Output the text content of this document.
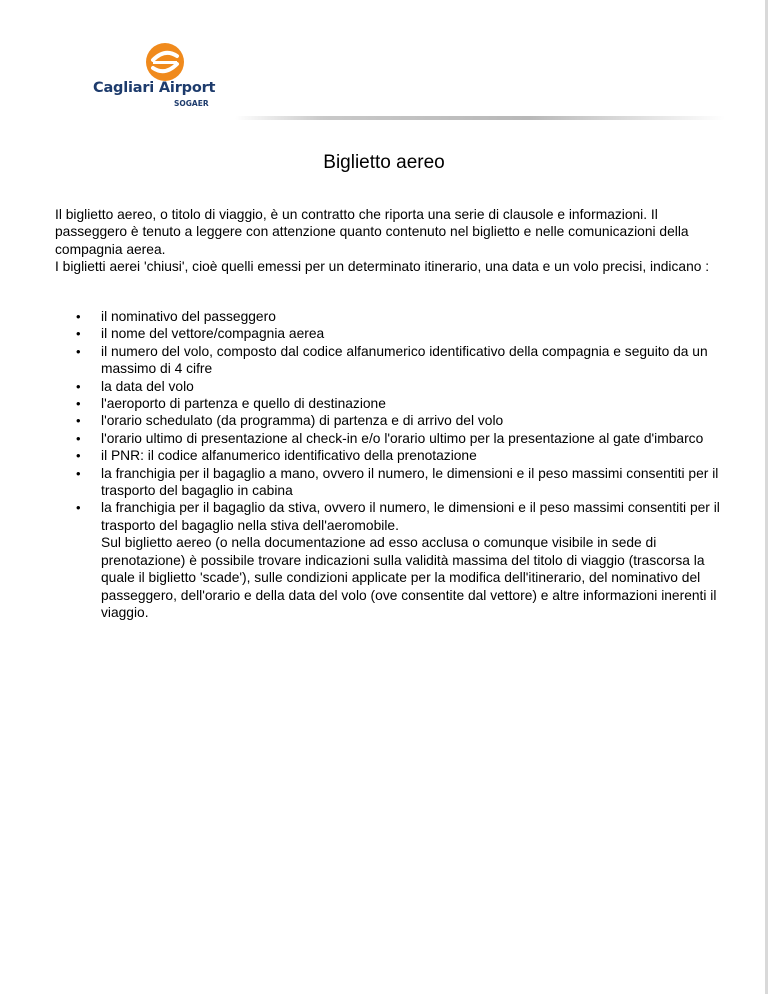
Cagliari Airport
SOGAER
Biglietto aereo

Il biglietto aereo, o titolo di viaggio, è un contratto che riporta una serie di clausole e informazioni. Il passeggero è tenuto a leggere con attenzione quanto contenuto nel biglietto e nelle comunicazioni della compagnia aerea.

I biglietti aerei 'chiusi', cioè quelli emessi per un determinato itinerario, una data e un volo precisi, indicano :

• il nominativo del passeggero
• il nome del vettore/compagnia aerea
• il numero del volo, composto dal codice alfanumerico identificativo della compagnia e seguito da un massimo di 4 cifre
• la data del volo
• l'aeroporto di partenza e quello di destinazione
• l'orario schedulato (da programma) di partenza e di arrivo del volo
• l'orario ultimo di presentazione al check-in e/o l'orario ultimo per la presentazione al gate d'imbarco
• il PNR: il codice alfanumerico identificativo della prenotazione
• la franchigia per il bagaglio a mano, ovvero il numero, le dimensioni e il peso massimi consentiti per il trasporto del bagaglio in cabina
• la franchigia per il bagaglio da stiva, ovvero il numero, le dimensioni e il peso massimi consentiti per il trasporto del bagaglio nella stiva dell'aeromobile.
Sul biglietto aereo (o nella documentazione ad esso acclusa o comunque visibile in sede di prenotazione) è possibile trovare indicazioni sulla validità massima del titolo di viaggio (trascorsa la quale il biglietto 'scade'), sulle condizioni applicate per la modifica dell'itinerario, del nominativo del passeggero, dell'orario e della data del volo (ove consentite dal vettore) e altre informazioni inerenti il viaggio.
